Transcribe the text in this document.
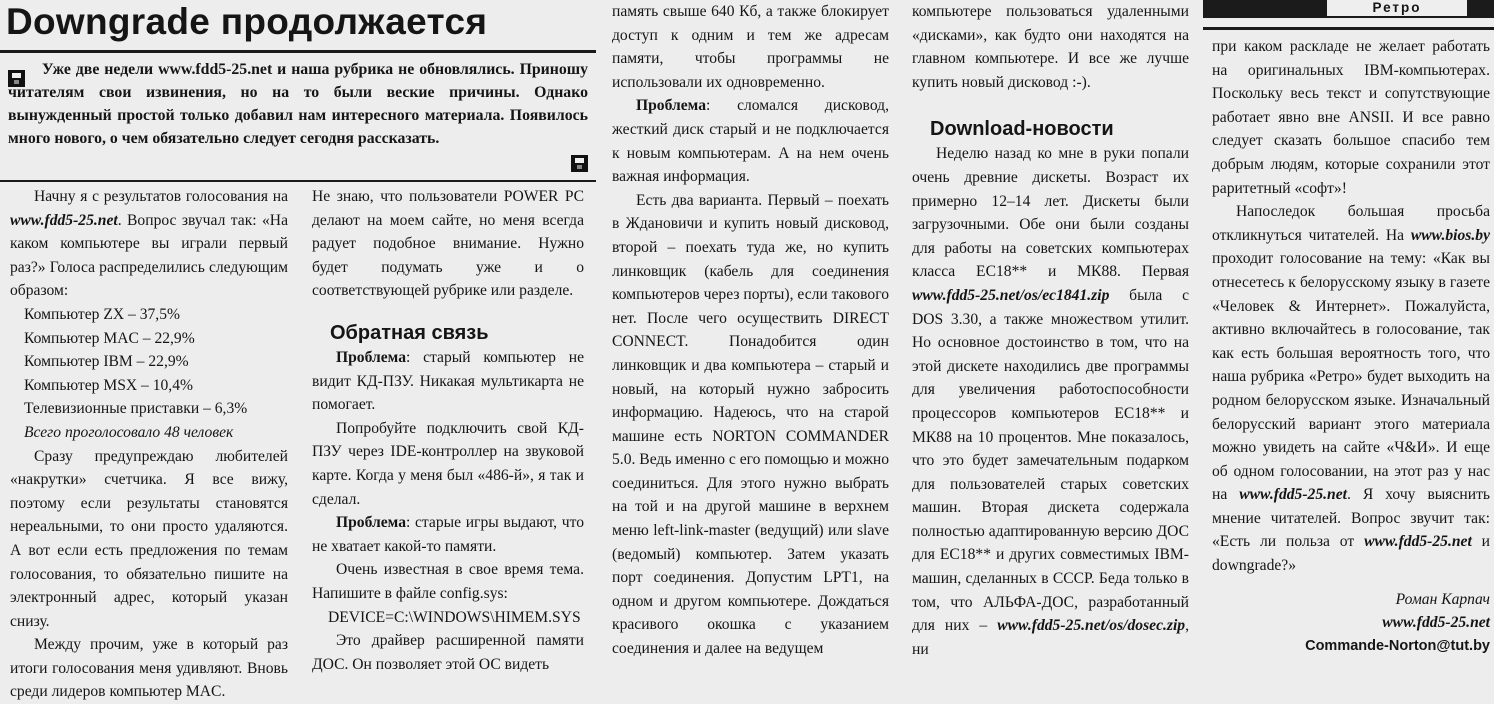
Downgrade продолжается	Ретро
Уже две недели www.fdd5-25.net и наша рубрика не обновлялись. Приношу читателям свои извинения, но на то были веские причины. Однако вынужденный простой только добавил нам интересного материала. Появилось много нового, о чем обязательно следует сегодня рассказать.

Начну я с результатов голосования на www.fdd5-25.net. Вопрос звучал так: «На каком компьютере вы играли первый раз?» Голоса распределились следующим образом:

Компьютер ZX – 37,5%
Компьютер MAC – 22,9%
Компьютер IBM – 22,9%
Компьютер MSX – 10,4%
Телевизионные приставки – 6,3%
Всего проголосовало 48 человек

Сразу предупреждаю любителей «накрутки» счетчика. Я все вижу, поэтому если результаты становятся нереальными, то они просто удаляются. А вот если есть предложения по темам голосования, то обязательно пишите на электронный адрес, который указан снизу.

Между прочим, уже в который раз итоги голосования меня удивляют. Вновь среди лидеров компьютер MAC.

Не знаю, что пользователи POWER PC делают на моем сайте, но меня всегда радует подобное внимание. Нужно будет подумать уже и о соответствующей рубрике или разделе.

Обратная связь

Проблема: старый компьютер не видит КД-ПЗУ. Никакая мультикарта не помогает.

Попробуйте подключить свой КД-ПЗУ через IDE-контроллер на звуковой карте. Когда у меня был «486-й», я так и сделал.

Проблема: старые игры выдают, что не хватает какой-то памяти.

Очень известная в свое время тема. Напишите в файле config.sys:

DEVICE=C:\WINDOWS\HIMEM.SYS

Это драйвер расширенной памяти ДОС. Он позволяет этой ОС видеть

память свыше 640 Кб, а также блокирует доступ к одним и тем же адресам памяти, чтобы программы не использовали их одновременно.

Проблема: сломался дисковод, жесткий диск старый и не подключается к новым компьютерам. А на нем очень важная информация.

Есть два варианта. Первый – поехать в Ждановичи и купить новый дисковод, второй – поехать туда же, но купить линковщик (кабель для соединения компьютеров через порты), если такового нет. После чего осуществить DIRECT CONNECT. Понадобится один линковщик и два компьютера – старый и новый, на который нужно забросить информацию. Надеюсь, что на старой машине есть NORTON COMMANDER 5.0. Ведь именно с его помощью и можно соединиться. Для этого нужно выбрать на той и на другой машине в верхнем меню left-link-master (ведущий) или slave (ведомый) компьютер. Затем указать порт соединения. Допустим LPT1, на одном и другом компьютере. Дождаться красивого окошка с указанием соединения и далее на ведущем

компьютере пользоваться удаленными «дисками», как будто они находятся на главном компьютере. И все же лучше купить новый дисковод :-).

Download-новости

Неделю назад ко мне в руки попали очень древние дискеты. Возраст их примерно 12–14 лет. Дискеты были загрузочными. Обе они были созданы для работы на советских компьютерах класса ЕС18** и МК88. Первая www.fdd5-25.net/os/ec1841.zip была с DOS 3.30, а также множеством утилит. Но основное достоинство в том, что на этой дискете находились две программы для увеличения работоспособности процессоров компьютеров ЕС18** и МК88 на 10 процентов. Мне показалось, что это будет замечательным подарком для пользователей старых советских машин. Вторая дискета содержала полностью адаптированную версию ДОС для ЕС18** и других совместимых IBM-машин, сделанных в СССР. Беда только в том, что АЛЬФА-ДОС, разработанный для них – www.fdd5-25.net/os/dosec.zip, ни

при каком раскладе не желает работать на оригинальных IBM-компьютерах. Поскольку весь текст и сопутствующие работает явно вне ANSII. И все равно следует сказать большое спасибо тем добрым людям, которые сохранили этот раритетный «софт»!

Напоследок большая просьба откликнуться читателей. На www.bios.by проходит голосование на тему: «Как вы отнесетесь к белорусскому языку в газете «Человек & Интернет». Пожалуйста, активно включайтесь в голосование, так как есть большая вероятность того, что наша рубрика «Ретро» будет выходить на родном белорусском языке. Изначальный белорусский вариант этого материала можно увидеть на сайте «Ч&И». И еще об одном голосовании, на этот раз у нас на www.fdd5-25.net. Я хочу выяснить мнение читателей. Вопрос звучит так: «Есть ли польза от www.fdd5-25.net и downgrade?»

Роман Карпач
www.fdd5-25.net
Commande-Norton@tut.by
